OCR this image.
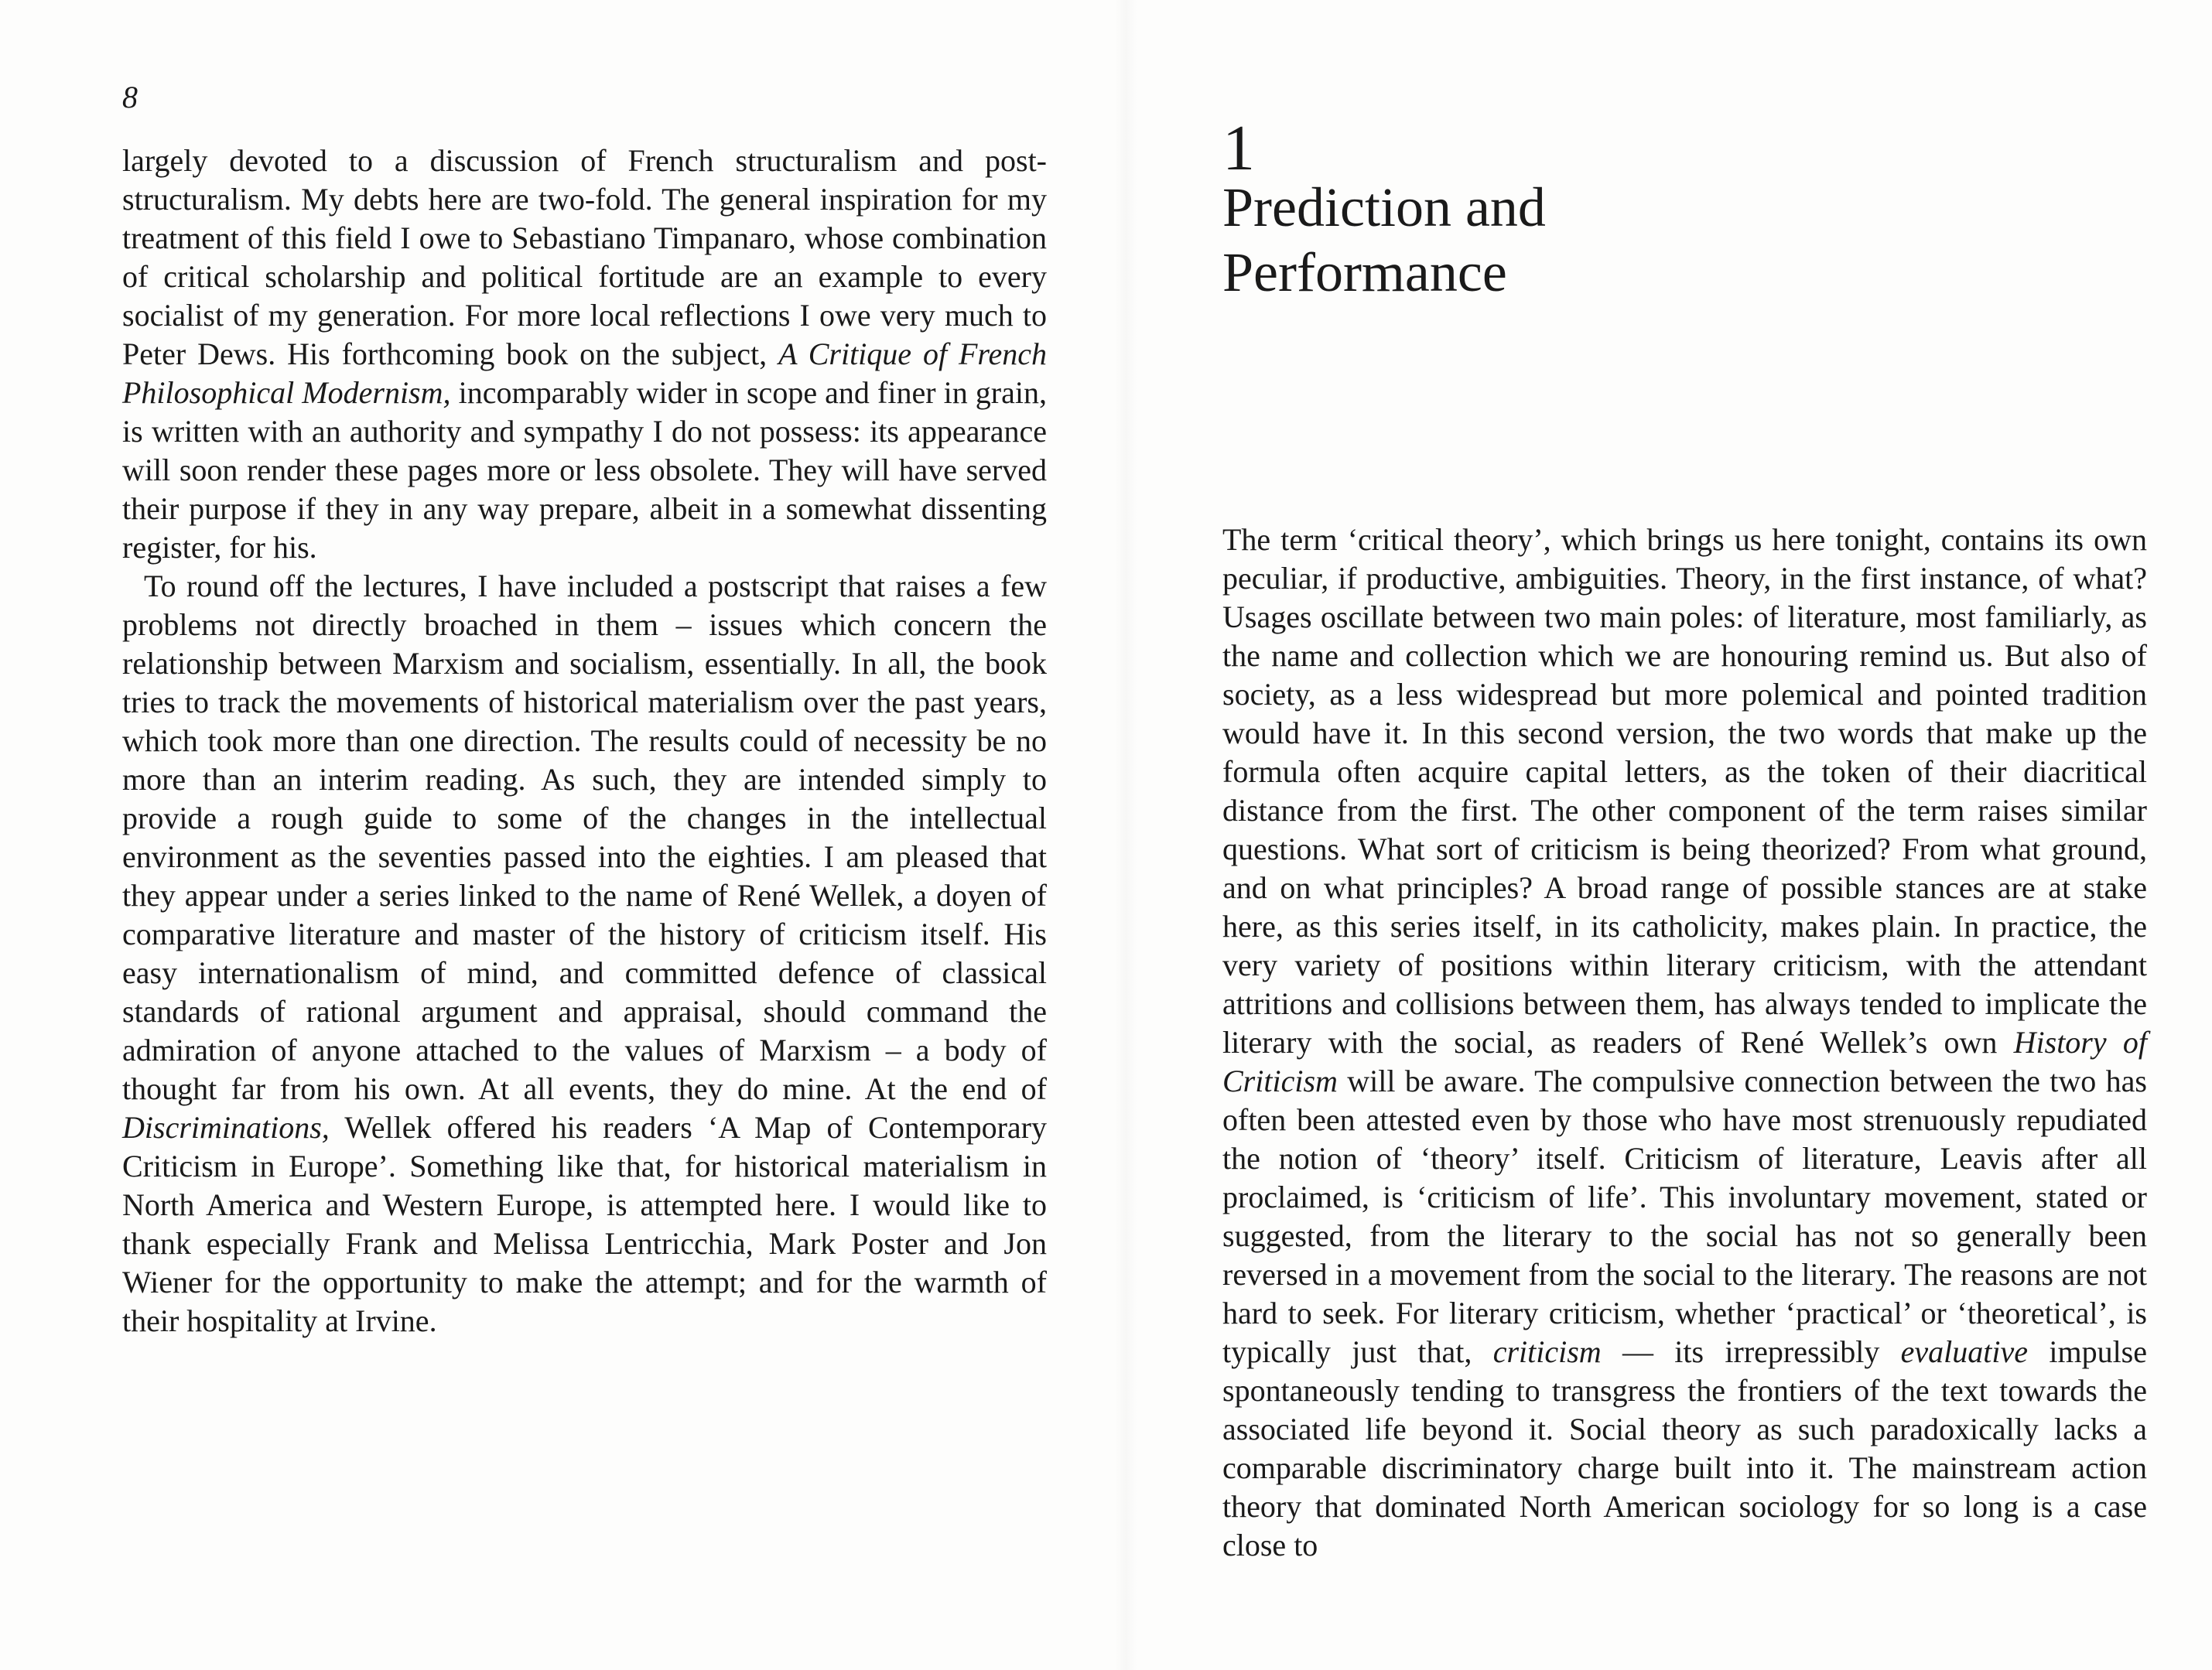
8

largely devoted to a discussion of French structuralism and post-structuralism. My debts here are two-fold. The general inspiration for my treatment of this field I owe to Sebastiano Timpanaro, whose combination of critical scholarship and political fortitude are an example to every socialist of my generation. For more local reflections I owe very much to Peter Dews. His forthcoming book on the subject, A Critique of French Philosophical Modernism, incomparably wider in scope and finer in grain, is written with an authority and sympathy I do not possess: its appearance will soon render these pages more or less obsolete. They will have served their purpose if they in any way prepare, albeit in a somewhat dissenting register, for his.

To round off the lectures, I have included a postscript that raises a few problems not directly broached in them – issues which concern the relationship between Marxism and socialism, essentially. In all, the book tries to track the movements of historical materialism over the past years, which took more than one direction. The results could of necessity be no more than an interim reading. As such, they are intended simply to provide a rough guide to some of the changes in the intellectual environment as the seventies passed into the eighties. I am pleased that they appear under a series linked to the name of René Wellek, a doyen of comparative literature and master of the history of criticism itself. His easy internationalism of mind, and committed defence of classical standards of rational argument and appraisal, should command the admiration of anyone attached to the values of Marxism – a body of thought far from his own. At all events, they do mine. At the end of Discriminations, Wellek offered his readers ‘A Map of Contemporary Criticism in Europe’. Something like that, for historical materialism in North America and Western Europe, is attempted here. I would like to thank especially Frank and Melissa Lentricchia, Mark Poster and Jon Wiener for the opportunity to make the attempt; and for the warmth of their hospitality at Irvine.

1
Prediction and
Performance

The term ‘critical theory’, which brings us here tonight, contains its own peculiar, if productive, ambiguities. Theory, in the first instance, of what? Usages oscillate between two main poles: of literature, most familiarly, as the name and collection which we are honouring remind us. But also of society, as a less widespread but more polemical and pointed tradition would have it. In this second version, the two words that make up the formula often acquire capital letters, as the token of their diacritical distance from the first. The other component of the term raises similar questions. What sort of criticism is being theorized? From what ground, and on what principles? A broad range of possible stances are at stake here, as this series itself, in its catholicity, makes plain. In practice, the very variety of positions within literary criticism, with the attendant attritions and collisions between them, has always tended to implicate the literary with the social, as readers of René Wellek’s own History of Criticism will be aware. The compulsive connection between the two has often been attested even by those who have most strenuously repudiated the notion of ‘theory’ itself. Criticism of literature, Leavis after all proclaimed, is ‘criticism of life’. This involuntary movement, stated or suggested, from the literary to the social has not so generally been reversed in a movement from the social to the literary. The reasons are not hard to seek. For literary criticism, whether ‘practical’ or ‘theoretical’, is typically just that, criticism — its irrepressibly evaluative impulse spontaneously tending to transgress the frontiers of the text towards the associated life beyond it. Social theory as such paradoxically lacks a comparable discriminatory charge built into it. The mainstream action theory that dominated North American sociology for so long is a case close to
